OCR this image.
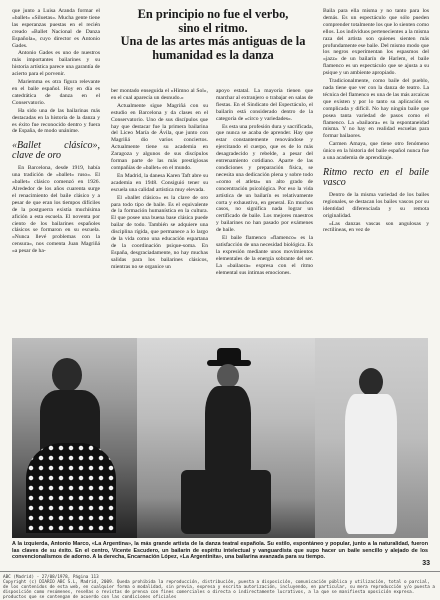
En principio no fue el verbo,
sino el ritmo.
Una de las artes más antiguas de la
humanidad es la danza

que junto a Luisa Aranda formar el «ballet» «Siluetas». Mucha gente tiene las esperanzas puestas en el recién creado «Ballet Nacional de Danza Española», cuyo director es Antonio Gades.

Antonio Gades es uno de nuestros más importantes bailarines y su historia artística parece una garantía de acierto para el porvenir.

Mariemma es otra figura relevante en el baile español. Hoy en día es catedrática de danza en el Conservatorio.

Ha sido una de las bailarinas más destacadas en la historia de la danza y es éxito fue reconocido dentro y fuera de España, de modo unánime.

«Ballet clásico», clave de oro

En Barcelona, desde 1919, había una tradición de «ballet» ruso». El «ballet» clásico comenzó en 1926. Alrededor de los años cuarenta surge el renacimiento del baile clásico y a pesar de que eran los tiempos difíciles de la postguerra existía muchísima afición a esta escuela. El noventa por ciento de los bailarines españoles clásicos se formaron en su escuela. «Nunca llevé problemas con la censura», nos comenta Juan Magriñá «a pesar de ha-

ber montado enseguida el «Himno al Sol», en el cual aparecía un desnudo.»

Actualmente sigue Magriñá con su estudio en Barcelona y da clases en el Conservatorio. Uno de sus discípulos que hay que destacar fue la primera bailarina del Liceo María de Ávila, que junto con Magriñá dio varios conciertos. Actualmente tiene su academia en Zaragoza y algunos de sus discípulos forman parte de las más prestigiosas compañías de «ballet» en el mundo.

En Madrid, la danesa Karen Taft abre su academia en 1948. Consiguió tener su escuela una calidad artística muy elevada.

El «ballet clásico» es la clave de oro para todo tipo de baile. Es el equivalente de la formación humanística en la cultura. El que posee una buena base clásica puede bailar de todo. También se adquiere una disciplina rígida, que permanece a lo largo de la vida como una educación espartana de la coordinación psique-soma. En España, desgraciadamente, no hay muchas salidas para los bailarines clásicos, mientras no se organice un

apoyo estatal. La mayoría tienen que marchar al extranjero o trabajar en salas de fiestas. En el Sindicato del Espectáculo, el bailarín está considerado dentro de la categoría de «circo y variedades».

Es esta una profesión dura y sacrificada, que nunca se acaba de aprender. Hay que estar constantemente renovándose y ejercitando el cuerpo, que es de lo más desagradecido y rebelde, a pesar del entrenamiento cotidiano. Aparte de las condiciones y preparación física, se necesita una dedicación plena y sobre todo «como el atleta» un alto grado de concentración psicológica. Por eso la vida artística de un bailarín es relativamente corta y exhaustiva, en general. En muchos casos, no significa nada lograr un certificado de baile. Los mejores maestros y bailarines no han pasado por exámenes de baile.

El baile flamenco «flamenco» es la satisfacción de una necesidad biológica. Es la expresión mediante unos movimientos elementales de la energía sobrante del ser. La «bailaora» expresa con el ritmo elemental sus íntimas emociones.

Baila para ella misma y no tanto para los demás. Es un espectáculo que sólo pueden comprender totalmente los que lo sienten como ellos. Los individuos pertenecientes a la misma raza del artista son quienes sienten más profundamente ese baile. Del mismo modo que los negros experimentan los espasmos del «jazz» de un bailarín de Harlem, el baile flamenco es un espectáculo que se ajusta a su psique y un ambiente apropiado.

Tradicionalmente, como baile del pueblo, nada tiene que ver con la danza de teatro. La técnica del flamenco es una de las más arcaicas que existen y por lo tanto su aplicación es complicada y difícil. No hay ningún baile que posea tanta variedad de pasos como el flamenco. La «bailaora» es la espontaneidad misma. Y no hay en realidad escuelas para formar bailaores.

Carmen Amaya, que tiene otro fenómeno único en la historia del baile español nunca fue a una academia de aprendizaje.

Ritmo recto en el baile vasco

Dentro de la misma variedad de los bailes regionales, se destacan los bailes vascos por su identidad diferenciada y su remota originalidad.

«Las danzas vascas son angulosas y rectilíneas, en vez de

A la izquierda, Antonio Marco, «La Argentina», la más grande artista de la danza teatral española. Su estilo, espontáneo y popular, junto a la naturalidad, fueron las claves de su éxito. En el centro, Vicente Escudero, un bailarín de espíritu intelectual y vanguardista que supo hacer un baile sencillo y alejado de los convencionalismos de adorno. A la derecha, Encarnación López, «La Argentinita», una bailarina avanzada para su tiempo.
33
ABC (Madrid) - 27/08/1978, Página 113
Copyright (c) DIARIO ABC S.L, Madrid, 2009. Queda prohibida la reproducción, distribución, puesta a disposición, comunicación pública y utilización, total o parcial, de los contenidos de esta web, en cualquier forma o modalidad, sin previa, expresa y escrita autorización, incluyendo, en particular, su mera reproducción y/o puesta a disposición como resúmenes, reseñas o revistas de prensa con fines comerciales o directa o indirectamente lucrativos, a la que se manifiesta oposición expresa.
productos que se contengan de acuerdo con las condiciones oficiales
